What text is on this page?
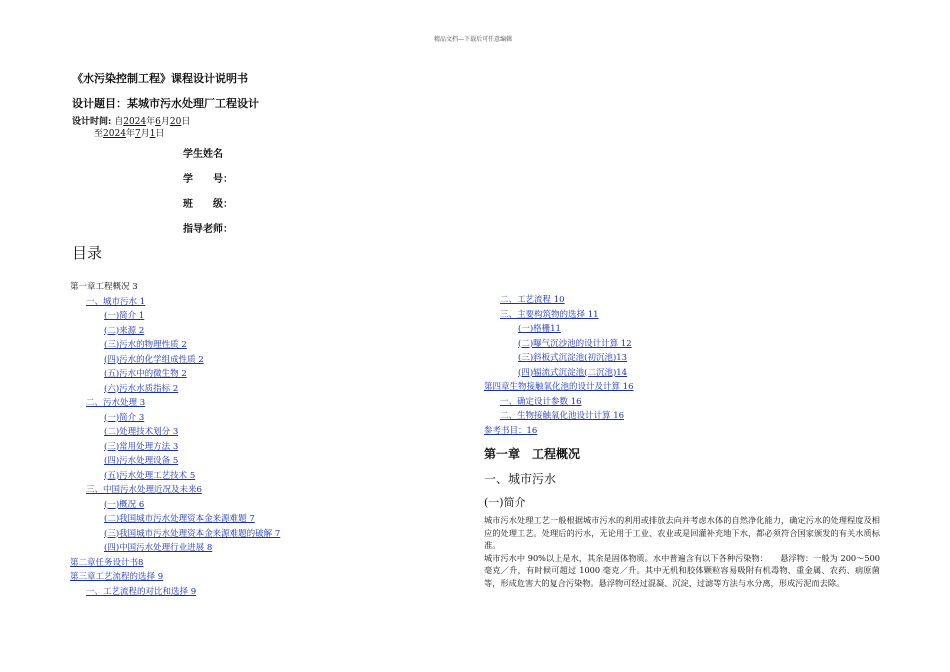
精品文档---下载后可任意编辑
《水污染控制工程》课程设计说明书
设计题目：某城市污水处理厂工程设计
设计时间: 自2024年6月20日
至2024年7月1日
学生姓名
学　　号：
班　　级：
指导老师：
目录
第一章工程概况 3
一、城市污水 1
(一)简介 1
(二)来源 2
(三)污水的物理性质 2
(四)污水的化学组成性质 2
(五)污水中的微生物 2
(六)污水水质指标 2
二、污水处理 3
(一)简介 3
(二)处理技术划分 3
(三)常用处理方法 3
(四)污水处理设备 5
(五)污水处理工艺技术 5
三、中国污水处理近况及未来6
(一)概况 6
(二)我国城市污水处理资本金来源难题 7
(三)我国城市污水处理资本金来源难题的破解 7
(四)中国污水处理行业进展 8
第二章任务设计书8
第三章工艺流程的选择 9
一、工艺流程的对比和选择 9
二、工艺流程 10
三、主要构筑物的选择 11
(一)格栅11
(二)曝气沉沙池的设计计算 12
(三)斜板式沉淀池(初沉池)13
(四)辐流式沉淀池(二沉池)14
第四章生物接触氧化池的设计及计算 16
一、确定设计参数 16
二、生物接触氧化池设计计算 16
参考书目：16
第一章　工程概况
一、城市污水
(一)简介

城市污水处理工艺一般根据城市污水的利用或排放去向并考虑水体的自然净化能力，确定污水的处理程度及相应的处理工艺。处理后的污水，无论用于工业、农业或是回灌补充地下水，都必须符合国家颁发的有关水质标准。

城市污水中 90%以上是水，其余是固体物质。水中普遍含有以下各种污染物：　　悬浮物：一般为 200～500 毫克／升，有时候可超过 1000 毫克／升。其中无机和胶体颗粒容易吸附有机毒物、重金属、农药、病原菌等，形成危害大的复合污染物。悬浮物可经过混凝、沉淀、过滤等方法与水分离，形成污泥而去除。
